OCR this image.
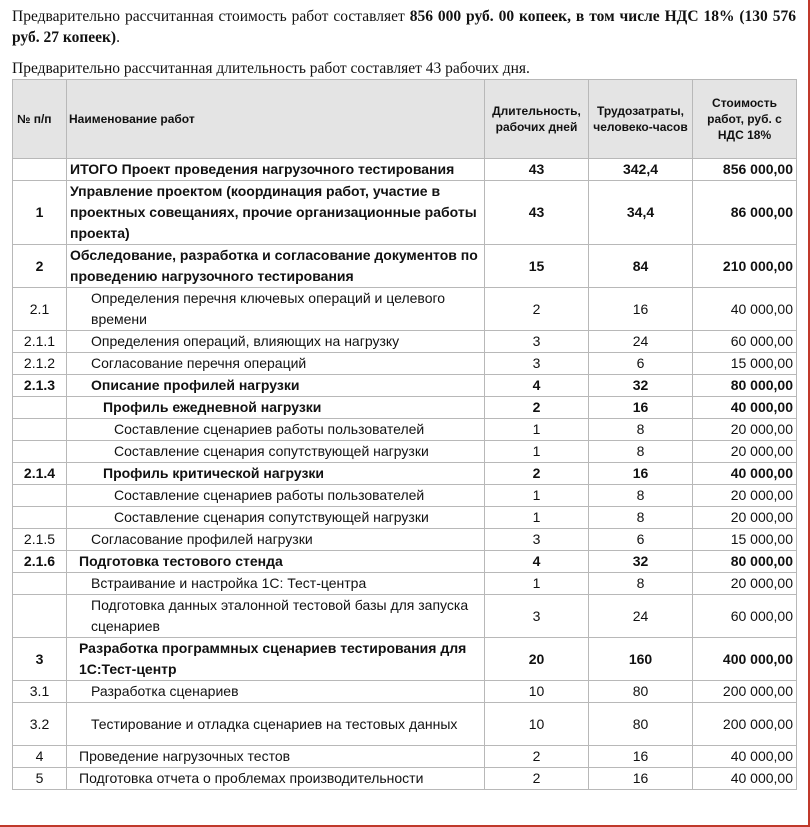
Предварительно рассчитанная стоимость работ составляет 856 000 руб. 00 копеек, в том числе НДС 18% (130 576 руб. 27 копеек).
Предварительно рассчитанная длительность работ составляет 43 рабочих дня.
№ п/п	Наименование работ	Длительность, рабочих дней	Трудозатраты, человеко-часов	Стоимость работ, руб. с НДС 18%
	ИТОГО Проект проведения нагрузочного тестирования	43	342,4	856 000,00
1	Управление проектом (координация работ, участие в проектных совещаниях, прочие организационные работы проекта)	43	34,4	86 000,00
2	Обследование, разработка и согласование документов по проведению нагрузочного тестирования	15	84	210 000,00
2.1	Определения перечня ключевых операций и целевого времени	2	16	40 000,00
2.1.1	Определения операций, влияющих на нагрузку	3	24	60 000,00
2.1.2	Согласование перечня операций	3	6	15 000,00
2.1.3	Описание профилей нагрузки	4	32	80 000,00
	Профиль ежедневной нагрузки	2	16	40 000,00
	Составление сценариев работы пользователей	1	8	20 000,00
	Составление сценария сопутствующей нагрузки	1	8	20 000,00
2.1.4	Профиль критической нагрузки	2	16	40 000,00
	Составление сценариев работы пользователей	1	8	20 000,00
	Составление сценария сопутствующей нагрузки	1	8	20 000,00
2.1.5	Согласование профилей нагрузки	3	6	15 000,00
2.1.6	Подготовка тестового стенда	4	32	80 000,00
	Встраивание и настройка 1С: Тест-центра	1	8	20 000,00
	Подготовка данных эталонной тестовой базы для запуска сценариев	3	24	60 000,00
3	Разработка программных сценариев тестирования для 1С:Тест-центр	20	160	400 000,00
3.1	Разработка сценариев	10	80	200 000,00
3.2	Тестирование и отладка сценариев на тестовых данных	10	80	200 000,00
4	Проведение нагрузочных тестов	2	16	40 000,00
5	Подготовка отчета о проблемах производительности	2	16	40 000,00
